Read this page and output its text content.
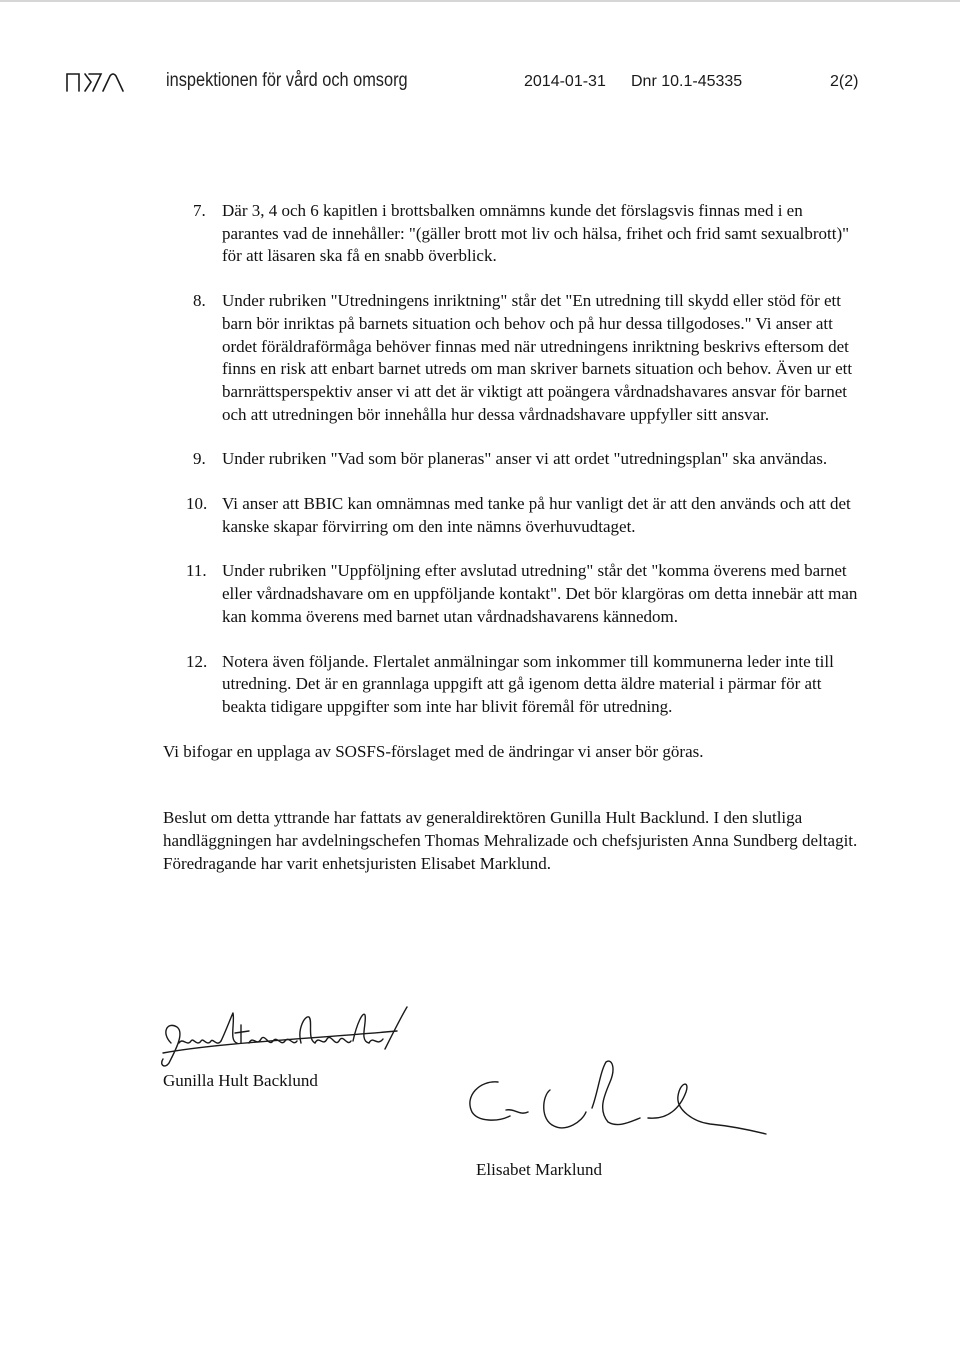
inspektionen för vård och omsorg	2014-01-31 Dnr 10.1-45335	2(2)
7. Där 3, 4 och 6 kapitlen i brottsbalken omnämns kunde det förslagsvis finnas med i en parantes vad de innehåller: "(gäller brott mot liv och hälsa, frihet och frid samt sexualbrott)" för att läsaren ska få en snabb överblick.
8. Under rubriken "Utredningens inriktning" står det "En utredning till skydd eller stöd för ett barn bör inriktas på barnets situation och behov och på hur dessa tillgodoses." Vi anser att ordet föräldraförmåga behöver finnas med när utredningens inriktning beskrivs eftersom det finns en risk att enbart barnet utreds om man skriver barnets situation och behov. Även ur ett barnrättsperspektiv anser vi att det är viktigt att poängera vårdnadshavares ansvar för barnet och att utredningen bör innehålla hur dessa vårdnadshavare uppfyller sitt ansvar.
9. Under rubriken "Vad som bör planeras" anser vi att ordet "utredningsplan" ska användas.
10. Vi anser att BBIC kan omnämnas med tanke på hur vanligt det är att den används och att det kanske skapar förvirring om den inte nämns överhuvudtaget.
11. Under rubriken "Uppföljning efter avslutad utredning" står det "komma överens med barnet eller vårdnadshavare om en uppföljande kontakt". Det bör klargöras om detta innebär att man kan komma överens med barnet utan vårdnadshavarens kännedom.
12. Notera även följande. Flertalet anmälningar som inkommer till kommunerna leder inte till utredning. Det är en grannlaga uppgift att gå igenom detta äldre material i pärmar för att beakta tidigare uppgifter som inte har blivit föremål för utredning.

Vi bifogar en upplaga av SOSFS-förslaget med de ändringar vi anser bör göras.

Beslut om detta yttrande har fattats av generaldirektören Gunilla Hult Backlund. I den slutliga handläggningen har avdelningschefen Thomas Mehralizade och chefsjuristen Anna Sundberg deltagit. Föredragande har varit enhetsjuristen Elisabet Marklund.

Gunilla Hult Backlund
Elisabet Marklund
